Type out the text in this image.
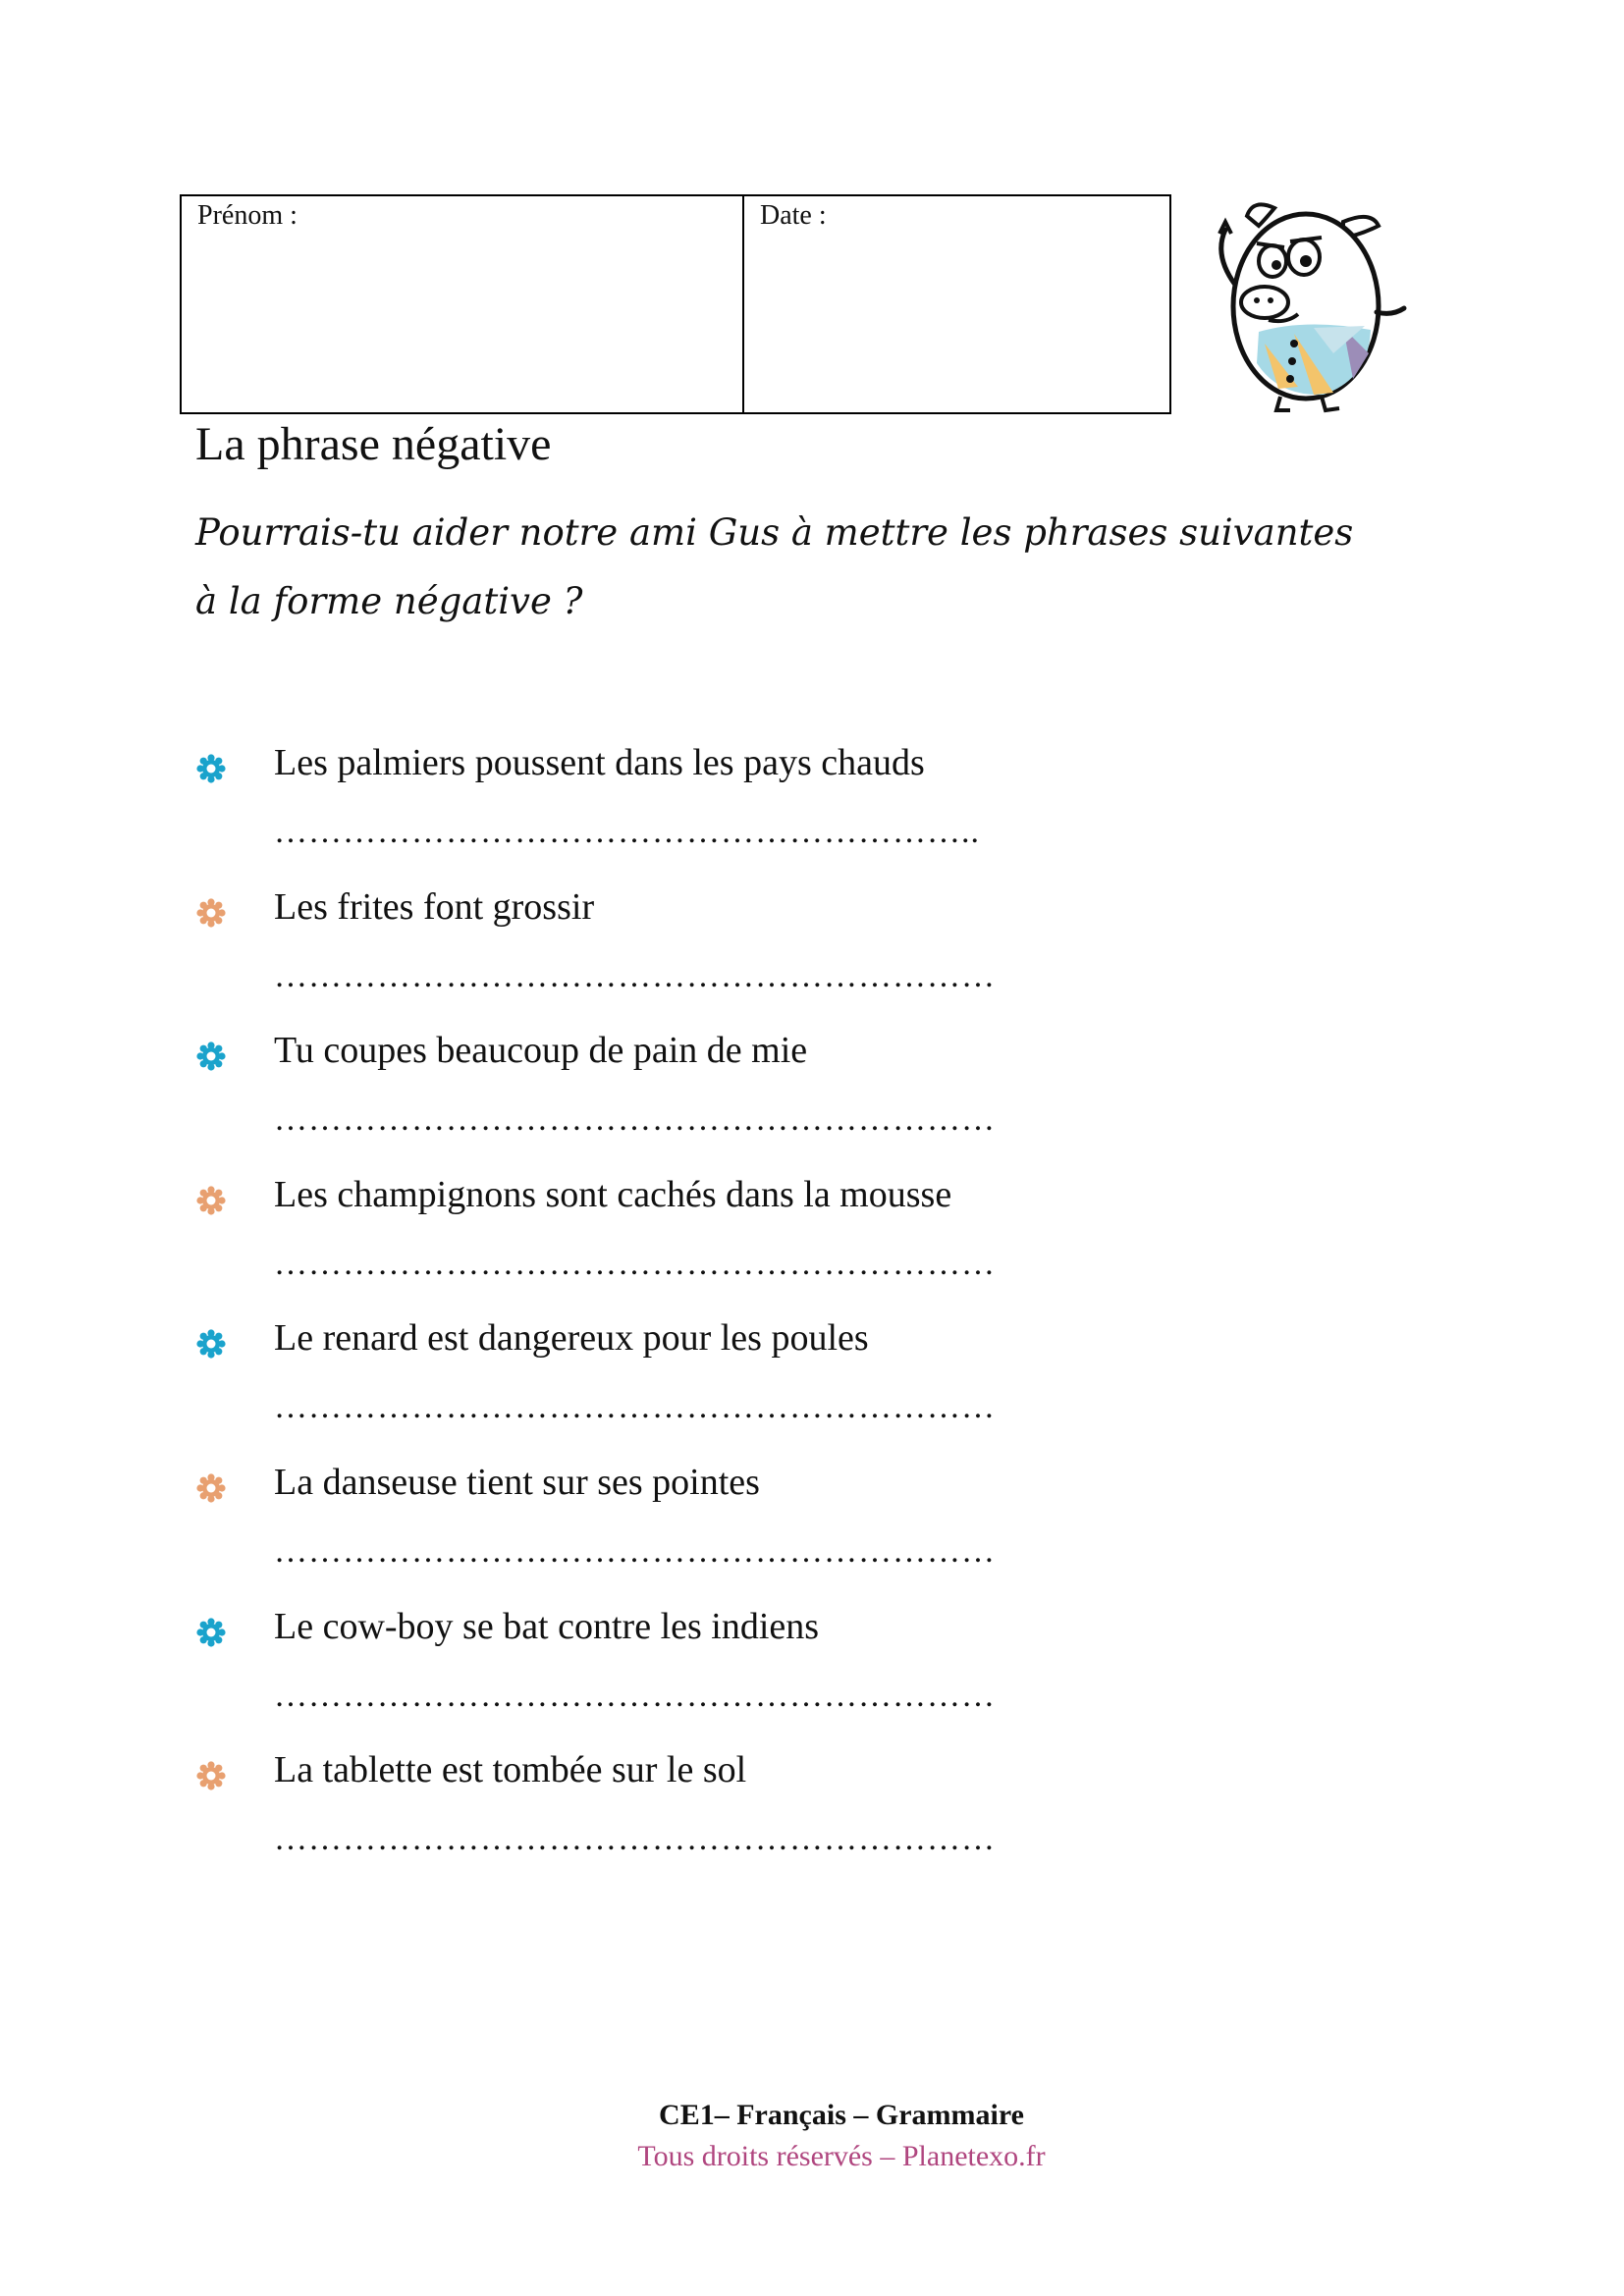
Prénom :	Date :
La phrase négative
Pourrais-tu aider notre ami Gus à mettre les phrases suivantes à la forme négative ?
Les palmiers poussent dans les pays chauds
……………………………………………………..
Les frites font grossir
………………………………………………………
Tu coupes beaucoup de pain de mie
………………………………………………………
Les champignons sont cachés dans la mousse
………………………………………………………
Le renard est dangereux pour les poules
………………………………………………………
La danseuse tient sur ses pointes
………………………………………………………
Le cow-boy se bat contre les indiens
………………………………………………………
La tablette est tombée sur le sol
………………………………………………………
CE1– Français – Grammaire
Tous droits réservés – Planetexo.fr
